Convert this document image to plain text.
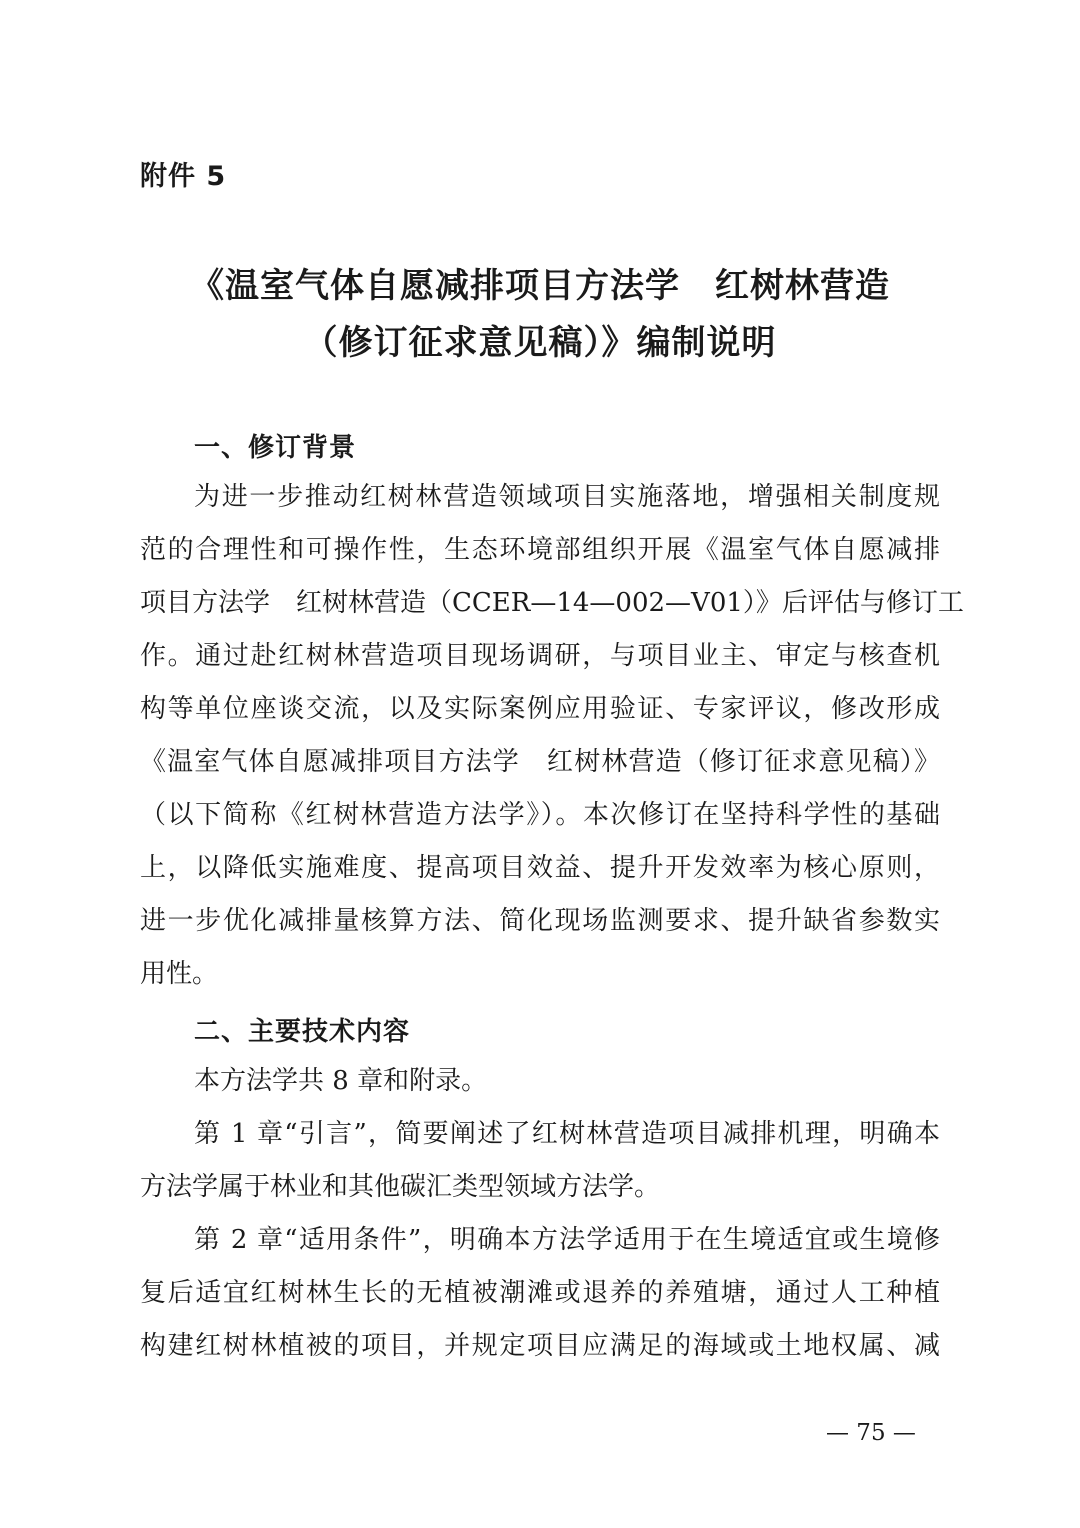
附件 5
《温室气体自愿减排项目方法学　红树林营造
（修订征求意见稿）》编制说明
一、修订背景
为进一步推动红树林营造领域项目实施落地，增强相关制度规
范的合理性和可操作性，生态环境部组织开展《温室气体自愿减排
项目方法学　红树林营造（CCER—14—002—V01）》后评估与修订工
作。通过赴红树林营造项目现场调研，与项目业主、审定与核查机
构等单位座谈交流，以及实际案例应用验证、专家评议，修改形成
《温室气体自愿减排项目方法学　红树林营造（修订征求意见稿）》
（以下简称《红树林营造方法学》）。本次修订在坚持科学性的基础
上，以降低实施难度、提高项目效益、提升开发效率为核心原则，
进一步优化减排量核算方法、简化现场监测要求、提升缺省参数实
用性。
二、主要技术内容
本方法学共 8 章和附录。
第 1 章“引言”，简要阐述了红树林营造项目减排机理，明确本
方法学属于林业和其他碳汇类型领域方法学。
第 2 章“适用条件”，明确本方法学适用于在生境适宜或生境修
复后适宜红树林生长的无植被潮滩或退养的养殖塘，通过人工种植
构建红树林植被的项目，并规定项目应满足的海域或土地权属、减
— 75 —
